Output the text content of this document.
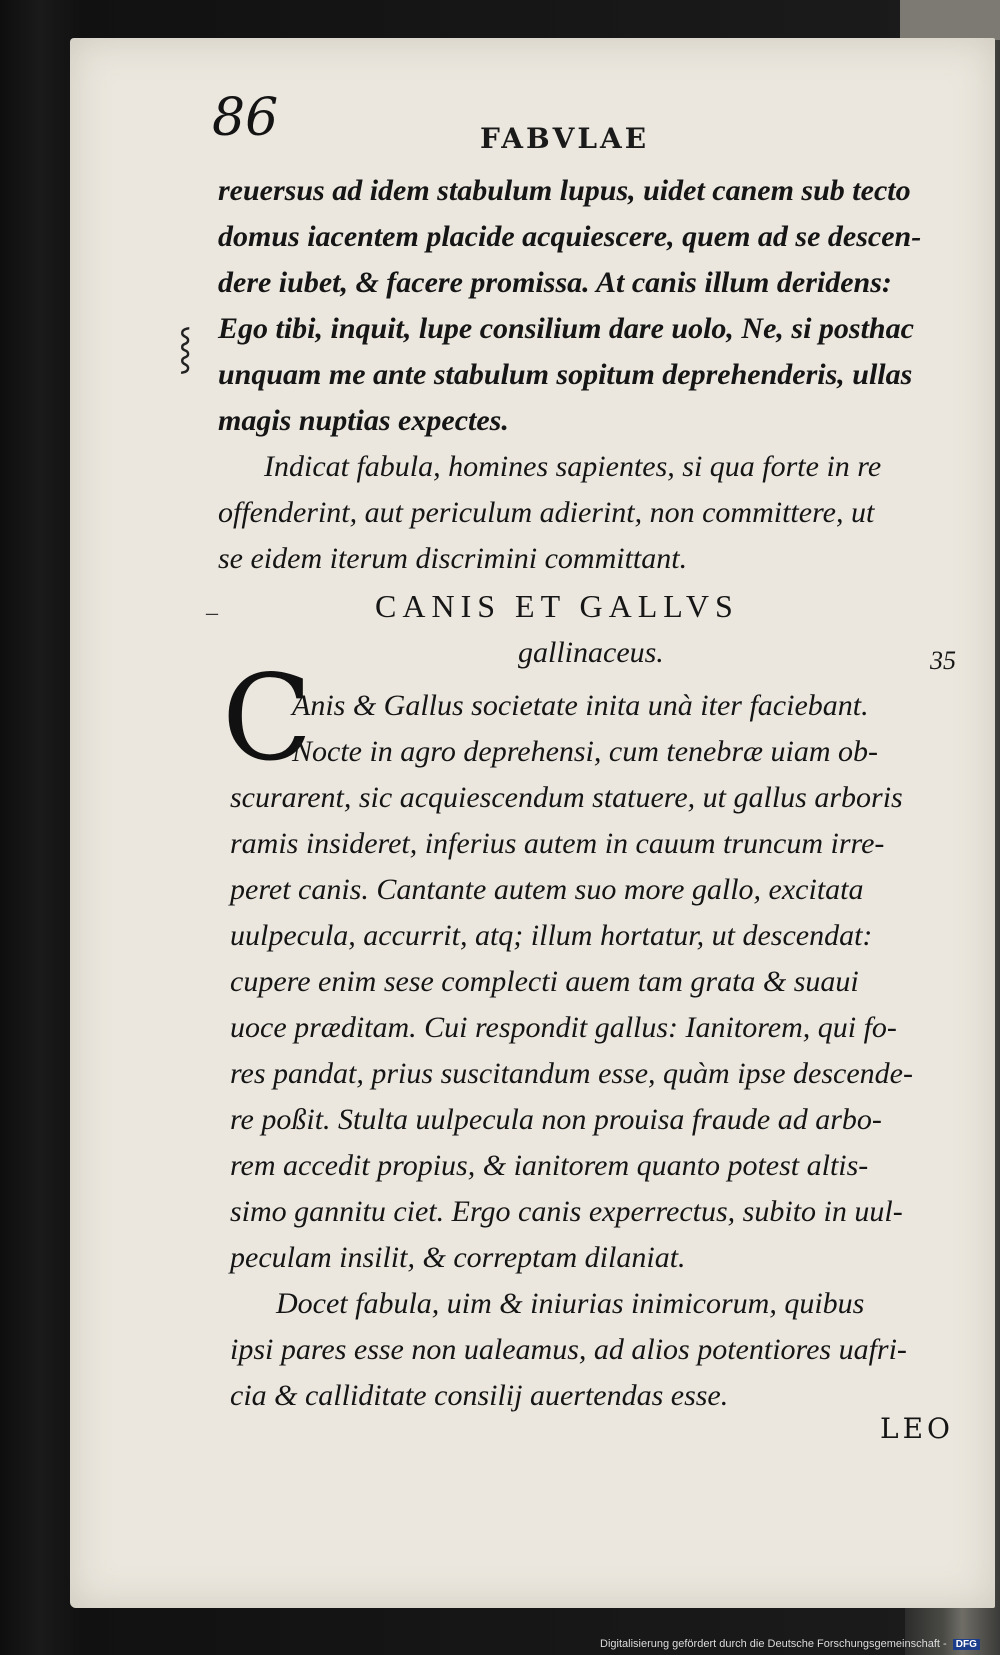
86	FABVLAE
⸾
reuersus ad idem stabulum lupus, uidet canem sub tecto
domus iacentem placide acquiescere, quem ad se descen-
dere iubet, & facere promissa. At canis illum deridens:
Ego tibi, inquit, lupe consilium dare uolo, Ne, si posthac
unquam me ante stabulum sopitum deprehenderis, ullas
magis nuptias expectes.
Indicat fabula, homines sapientes, si qua forte in re
offenderint, aut periculum adierint, non committere, ut
se eidem iterum discrimini committant.
–	CANIS ET GALLVS
gallinaceus.	35
C
Anis & Gallus societate inita unà iter faciebant.
Nocte in agro deprehensi, cum tenebræ uiam ob-
scurarent, sic acquiescendum statuere, ut gallus arboris
ramis insideret, inferius autem in cauum truncum irre-
peret canis. Cantante autem suo more gallo, excitata
uulpecula, accurrit, atq; illum hortatur, ut descendat:
cupere enim sese complecti auem tam grata & suaui
uoce præditam. Cui respondit gallus: Ianitorem, qui fo-
res pandat, prius suscitandum esse, quàm ipse descende-
re poßit. Stulta uulpecula non prouisa fraude ad arbo-
rem accedit propius, & ianitorem quanto potest altis-
simo gannitu ciet. Ergo canis experrectus, subito in uul-
peculam insilit, & correptam dilaniat.
Docet fabula, uim & iniurias inimicorum, quibus
ipsi pares esse non ualeamus, ad alios potentiores uafri-
cia & calliditate consilij auertendas esse.
LEO
Digitalisierung gefördert durch die Deutsche Forschungsgemeinschaft - DFG
